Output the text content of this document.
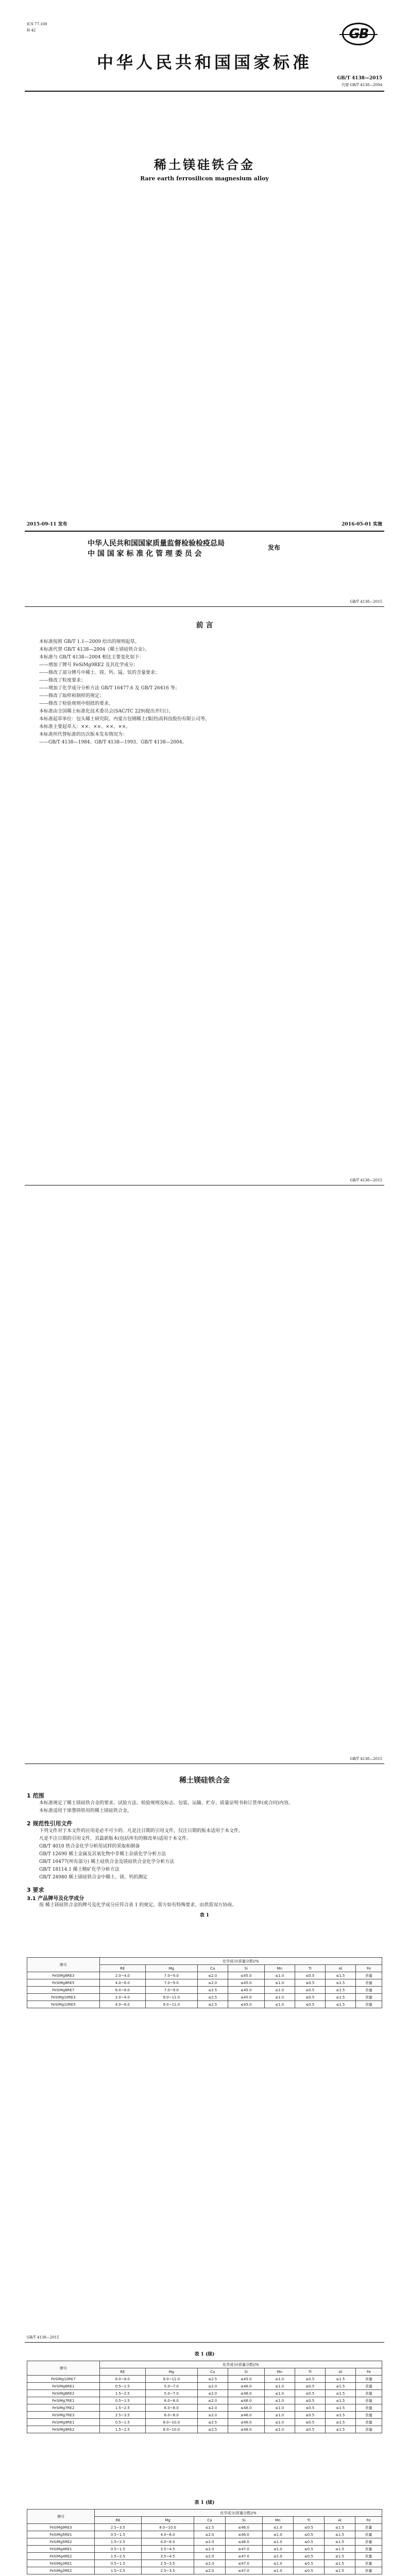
ICS 77.100
H 42	GB
中华人民共和国国家标准
GB/T 4138—2015
代替 GB/T 4138—2004
稀土镁硅铁合金
Rare earth ferrosilicon magnesium alloy
2015-09-11 发布	2016-05-01 实施
中华人民共和国国家质量监督检验检疫总局
中 国 国 家 标 准 化 管 理 委 员 会
发布
GB/T 4138—2015
前 言
本标准按照 GB/T 1.1—2009 给出的规则起草。
本标准代替 GB/T 4138—2004《稀土镁硅铁合金》。
本标准与 GB/T 4138—2004 相比主要变化如下：
——增加了牌号 FeSiMg9RE2 及其化学成分；
——修改了部分牌号中稀土、镁、钙、锰、钛的含量要求；
——修改了粒度要求；
——增加了化学成分分析方法 GB/T 16477.6 及 GB/T 26416 等；
——修改了取样和制样的规定；
——修改了检验规则中组批的要求。
本标准由全国稀土标准化技术委员会(SAC/TC 229)提出并归口。
本标准起草单位：包头稀土研究院、内蒙古包钢稀土(集团)高科技股份有限公司等。
本标准主要起草人：××、××、××、××。
本标准所代替标准的历次版本发布情况为：
——GB/T 4138—1984、GB/T 4138—1993、GB/T 4138—2004。
GB/T 4138—2015
GB/T 4138—2015
稀土镁硅铁合金
1 范围
本标准规定了稀土镁硅铁合金的要求、试验方法、检验规则及标志、包装、运输、贮存、质量证明书和订货单(或合同)内容。
本标准适用于球墨铸铁用的稀土镁硅铁合金。
2 规范性引用文件
下列文件对于本文件的应用是必不可少的。凡是注日期的引用文件，仅注日期的版本适用于本文件。
凡是不注日期的引用文件，其最新版本(包括所有的修改单)适用于本文件。
GB/T 4010 铁合金化学分析用试样的采取和制备
GB/T 12690 稀土金属及其氧化物中非稀土杂质化学分析方法
GB/T 16477(所有部分) 稀土硅铁合金及镁硅铁合金化学分析方法
GB/T 18114.1 稀土精矿化学分析方法
GB/T 24980 稀土镁硅铁合金中稀土、镁、钙的测定
3 要求
3.1 产品牌号及化学成分
按 稀土镁硅铁合金的牌号及化学成分应符合表 1 的规定。需方如有特殊要求，由供需双方协商。
表 1
牌号	化学成分(质量分数)/%							
	RE	Mg	Ca	Si	Mn	Ti	Al	Fe
FeSiMg8RE3	2.0~4.0	7.0~9.0	≤2.0	≤45.0	≤1.0	≤0.5	≤1.5	余量
FeSiMg8RE5	4.0~6.0	7.0~9.0	≤2.0	≤45.0	≤1.0	≤0.5	≤1.5	余量
FeSiMg8RE7	6.0~8.0	7.0~9.0	≤2.5	≤45.0	≤1.0	≤0.5	≤1.5	余量
FeSiMg10RE3	2.0~4.0	9.0~11.0	≤2.5	≤45.0	≤1.0	≤0.5	≤1.5	余量
FeSiMg10RE5	4.0~6.0	9.0~11.0	≤2.5	≤45.0	≤1.0	≤0.5	≤1.5	余量
GB/T 4138—2015
表 1 (续)
牌号	化学成分(质量分数)/%							
	RE	Mg	Ca	Si	Mn	Ti	Al	Fe
FeSiMg10RE7	6.0~8.0	9.0~11.0	≤2.5	≤45.0	≤1.0	≤0.5	≤1.5	余量
FeSiMg6RE1	0.5~1.5	5.0~7.0	≤2.0	≤46.0	≤1.0	≤0.5	≤1.5	余量
FeSiMg6RE2	1.5~2.5	5.0~7.0	≤2.0	≤46.0	≤1.0	≤0.5	≤1.5	余量
FeSiMg7RE1	0.5~1.5	6.0~8.0	≤2.0	≤46.0	≤1.0	≤0.5	≤1.5	余量
FeSiMg7RE2	1.5~2.5	6.0~8.0	≤2.0	≤46.0	≤1.0	≤0.5	≤1.5	余量
FeSiMg7RE3	2.5~3.5	6.0~8.0	≤2.0	≤46.0	≤1.0	≤0.5	≤1.5	余量
FeSiMg9RE1	0.5~1.5	8.0~10.0	≤2.5	≤46.0	≤1.0	≤0.5	≤1.5	余量
FeSiMg9RE2	1.5~2.5	8.0~10.0	≤2.5	≤46.0	≤1.0	≤0.5	≤1.5	余量
表 1 (续)
牌号	化学成分(质量分数)/%							
	RE	Mg	Ca	Si	Mn	Ti	Al	Fe
FeSiMg9RE3	2.5~3.5	8.0~10.0	≤2.5	≤46.0	≤1.0	≤0.5	≤1.5	余量
FeSiMg5RE1	0.5~1.5	4.0~6.0	≤2.0	≤46.0	≤1.0	≤0.5	≤1.5	余量
FeSiMg5RE2	1.5~2.5	4.0~6.0	≤2.0	≤46.0	≤1.0	≤0.5	≤1.5	余量
FeSiMg4RE1	0.5~1.5	3.5~4.5	≤2.0	≤47.0	≤1.0	≤0.5	≤1.5	余量
FeSiMg4RE2	1.5~2.5	3.5~4.5	≤2.0	≤47.0	≤1.0	≤0.5	≤1.5	余量
FeSiMg3RE1	0.5~1.5	2.5~3.5	≤2.0	≤47.0	≤1.0	≤0.5	≤1.5	余量
FeSiMg3RE2	1.5~2.5	2.5~3.5	≤2.0	≤47.0	≤1.0	≤0.5	≤1.5	余量
